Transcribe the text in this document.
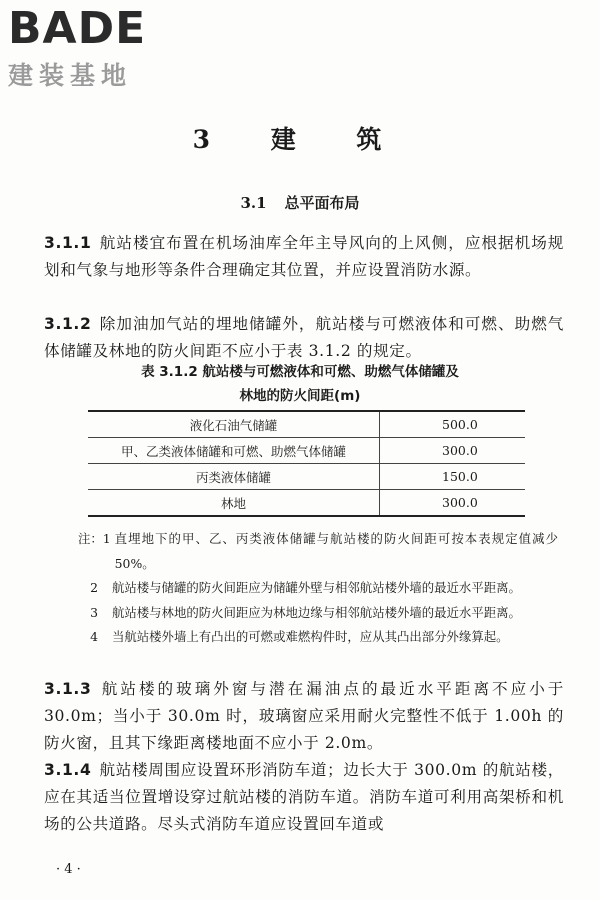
BADE
建装基地
3 建 筑
3.1 总平面布局

3.1.1 航站楼宜布置在机场油库全年主导风向的上风侧，应根据机场规划和气象与地形等条件合理确定其位置，并应设置消防水源。

3.1.2 除加油加气站的埋地储罐外，航站楼与可燃液体和可燃、助燃气体储罐及林地的防火间距不应小于表 3.1.2 的规定。

表 3.1.2 航站楼与可燃液体和可燃、助燃气体储罐及
林地的防火间距(m)
液化石油气储罐	500.0
甲、乙类液体储罐和可燃、助燃气体储罐	300.0
丙类液体储罐	150.0
林地	300.0
注：1 直埋地下的甲、乙、丙类液体储罐与航站楼的防火间距可按本表规定值减少 50%。
2	航站楼与储罐的防火间距应为储罐外壁与相邻航站楼外墙的最近水平距离。
3	航站楼与林地的防火间距应为林地边缘与相邻航站楼外墙的最近水平距离。
4	当航站楼外墙上有凸出的可燃或难燃构件时，应从其凸出部分外缘算起。

3.1.3 航站楼的玻璃外窗与潜在漏油点的最近水平距离不应小于 30.0m；当小于 30.0m 时，玻璃窗应采用耐火完整性不低于 1.00h 的防火窗，且其下缘距离楼地面不应小于 2.0m。

3.1.4 航站楼周围应设置环形消防车道；边长大于 300.0m 的航站楼，应在其适当位置增设穿过航站楼的消防车道。消防车道可利用高架桥和机场的公共道路。尽头式消防车道应设置回车道或

· 4 ·
